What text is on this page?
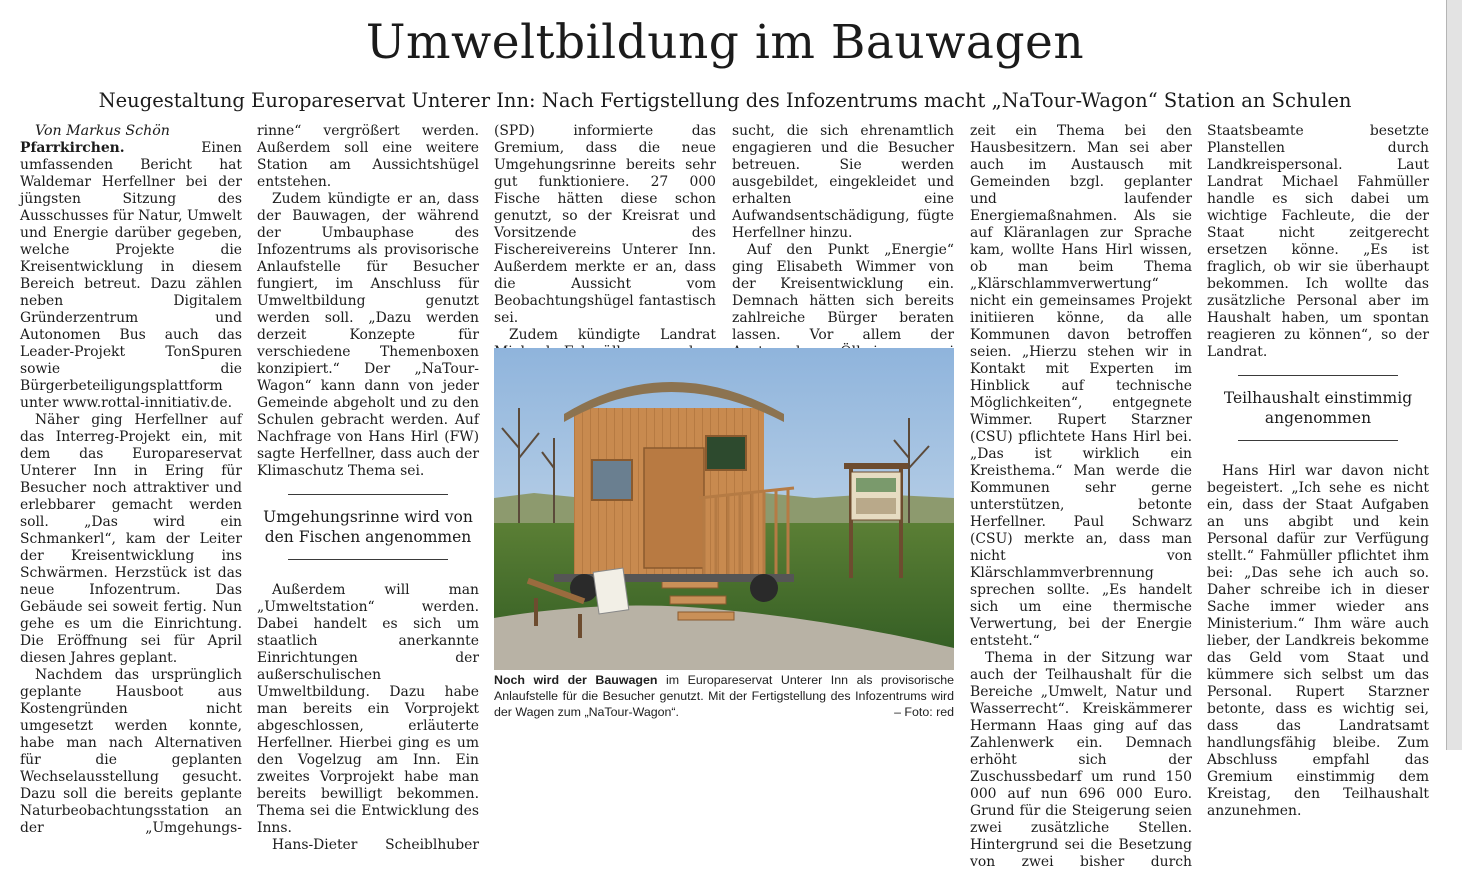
Umweltbildung im Bauwagen
Neugestaltung Europareservat Unterer Inn: Nach Fertigstellung des Infozentrums macht „NaTour-Wagon“ Station an Schulen

Von Markus Schön

Pfarrkirchen. Einen umfassenden Bericht hat Waldemar Herfellner bei der jüngsten Sitzung des Ausschusses für Natur, Umwelt und Energie darüber gegeben, welche Projekte die Kreisentwicklung in diesem Bereich betreut. Dazu zählen neben Digitalem Gründerzentrum und Autonomen Bus auch das Leader-Projekt TonSpuren sowie die Bürgerbeteiligungsplattform unter www.rottal-innitiativ.de.

Näher ging Herfellner auf das Interreg-Projekt ein, mit dem das Europareservat Unterer Inn in Ering für Besucher noch attraktiver und erlebbarer gemacht werden soll. „Das wird ein Schmankerl“, kam der Leiter der Kreisentwicklung ins Schwärmen. Herzstück ist das neue Infozentrum. Das Gebäude sei soweit fertig. Nun gehe es um die Einrichtung. Die Eröffnung sei für April diesen Jahres geplant.

Nachdem das ursprünglich geplante Hausboot aus Kostengründen nicht umgesetzt werden konnte, habe man nach Alternativen für die geplanten Wechselausstellung gesucht. Dazu soll die bereits geplante Naturbeobachtungsstation an der „Umgehungs-

rinne“ vergrößert werden. Außerdem soll eine weitere Station am Aussichtshügel entstehen.

Zudem kündigte er an, dass der Bauwagen, der während der Umbauphase des Infozentrums als provisorische Anlaufstelle für Besucher fungiert, im Anschluss für Umweltbildung genutzt werden soll. „Dazu werden derzeit Konzepte für verschiedene Themenboxen konzipiert.“ Der „NaTour-Wagon“ kann dann von jeder Gemeinde abgeholt und zu den Schulen gebracht werden. Auf Nachfrage von Hans Hirl (FW) sagte Herfellner, dass auch der Klimaschutz Thema sei.

Umgehungsrinne wird von den Fischen angenommen

Außerdem will man „Umweltstation“ werden. Dabei handelt es sich um staatlich anerkannte Einrichtungen der außerschulischen Umweltbildung. Dazu habe man bereits ein Vorprojekt abgeschlossen, erläuterte Herfellner. Hierbei ging es um den Vogelzug am Inn. Ein zweites Vorprojekt habe man bereits bewilligt bekommen. Thema sei die Entwicklung des Inns.

Hans-Dieter Scheiblhuber

(SPD) informierte das Gremium, dass die neue Umgehungsrinne bereits sehr gut funktioniere. 27 000 Fische hätten diese schon genutzt, so der Kreisrat und Vorsitzende des Fischereivereins Unterer Inn. Außerdem merkte er an, dass die Aussicht vom Beobachtungshügel fantastisch sei.

Zudem kündigte Landrat

sucht, die sich ehrenamtlich engagieren und die Besucher betreuen. Sie werden ausgebildet, eingekleidet und erhalten eine Aufwandsentschädigung, fügte Herfellner hinzu.

Auf den Punkt „Energie“ ging Elisabeth Wimmer von der Kreisentwicklung ein. Demnach hätten sich bereits zahlreiche Bürger beraten lassen. Vor allem der

Noch wird der Bauwagen im Europareservat Unterer Inn als provisorische Anlaufstelle für die Besucher genutzt. Mit der Fertigstellung des Infozentrums wird der Wagen zum „NaTour-Wagon“.	– Foto: red

zeit ein Thema bei den Hausbesitzern. Man sei aber auch im Austausch mit Gemeinden bzgl. geplanter und laufender Energiemaßnahmen. Als sie auf Kläranlagen zur Sprache kam, wollte Hans Hirl wissen, ob man beim Thema „Klärschlammverwertung“ nicht ein gemeinsames Projekt initiieren könne, da alle Kommunen davon betroffen seien. „Hierzu stehen wir in Kontakt mit Experten im Hinblick auf technische Möglichkeiten“, entgegnete Wimmer. Rupert Starzner (CSU) pflichtete Hans Hirl bei. „Das ist wirklich ein Kreisthema.“ Man werde die Kommunen sehr gerne unterstützen, betonte Herfellner. Paul Schwarz (CSU) merkte an, dass man nicht von Klärschlammverbrennung sprechen sollte. „Es handelt sich um eine thermische Verwertung, bei der Energie entsteht.“

Thema in der Sitzung war auch der Teilhaushalt für die Bereiche „Umwelt, Natur und Wasserrecht“. Kreiskämmerer Hermann Haas ging auf das Zahlenwerk ein. Demnach erhöht sich der Zuschussbedarf um rund 150 000 auf nun 696 000 Euro. Grund für die Steigerung seien zwei zusätzliche Stellen. Hintergrund sei die Besetzung von zwei bisher durch

Staatsbeamte besetzte Planstellen durch Landkreispersonal. Laut Landrat Michael Fahmüller handle es sich dabei um wichtige Fachleute, die der Staat nicht zeitgerecht ersetzen könne. „Es ist fraglich, ob wir sie überhaupt bekommen. Ich wollte das zusätzliche Personal aber im Haushalt haben, um spontan reagieren zu können“, so der Landrat.

Teilhaushalt einstimmig angenommen

Hans Hirl war davon nicht begeistert. „Ich sehe es nicht ein, dass der Staat Aufgaben an uns abgibt und kein Personal dafür zur Verfügung stellt.“ Fahmüller pflichtet ihm bei: „Das sehe ich auch so. Daher schreibe ich in dieser Sache immer wieder ans Ministerium.“ Ihm wäre auch lieber, der Landkreis bekomme das Geld vom Staat und kümmere sich selbst um das Personal. Rupert Starzner betonte, dass es wichtig sei, dass das Landratsamt handlungsfähig bleibe. Zum Abschluss empfahl das Gremium einstimmig dem Kreistag, den Teilhaushalt anzunehmen.
